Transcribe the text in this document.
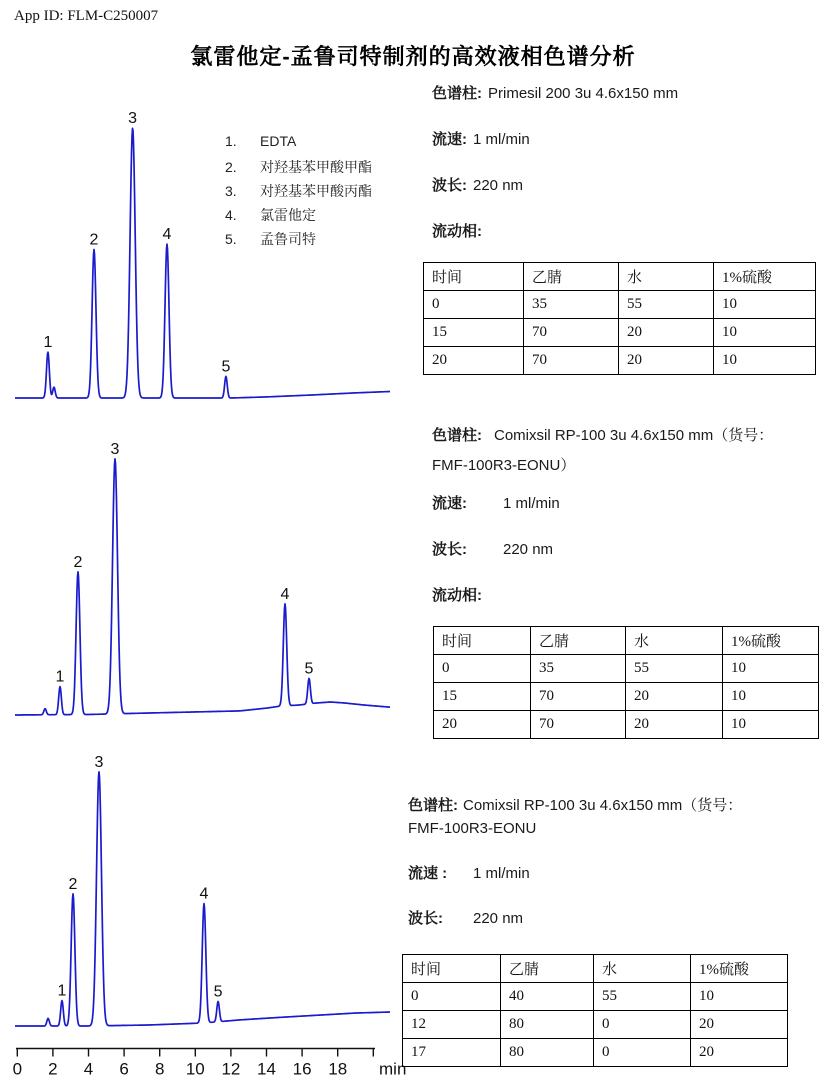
App ID: FLM-C250007
氯雷他定-孟鲁司特制剂的高效液相色谱分析
1
2
3
4
5
1. EDTA
2. 对羟基苯甲酸甲酯
3. 对羟基苯甲酸丙酯
4. 氯雷他定
5. 孟鲁司特
色谱柱: Primesil 200 3u 4.6x150 mm
流速: 1 ml/min
波长: 220 nm
流动相:
时间	乙腈	水	1%硫酸
0	35	55	10
15	70	20	10
20	70	20	10
1
2
3
4
5
色谱柱: Comixsil RP-100 3u 4.6x150 mm（货号：
FMF-100R3-EONU）
流速: 1 ml/min
波长: 220 nm
流动相:
时间	乙腈	水	1%硫酸
0	35	55	10
15	70	20	10
20	70	20	10
1
2
3
4
5
0 2 4 6 8 10 12 14 16 18 min
色谱柱: Comixsil RP-100 3u 4.6x150 mm（货号：
FMF-100R3-EONU
流速 : 1 ml/min
波长: 220 nm
时间	乙腈	水	1%硫酸
0	40	55	10
12	80	0	20
17	80	0	20
